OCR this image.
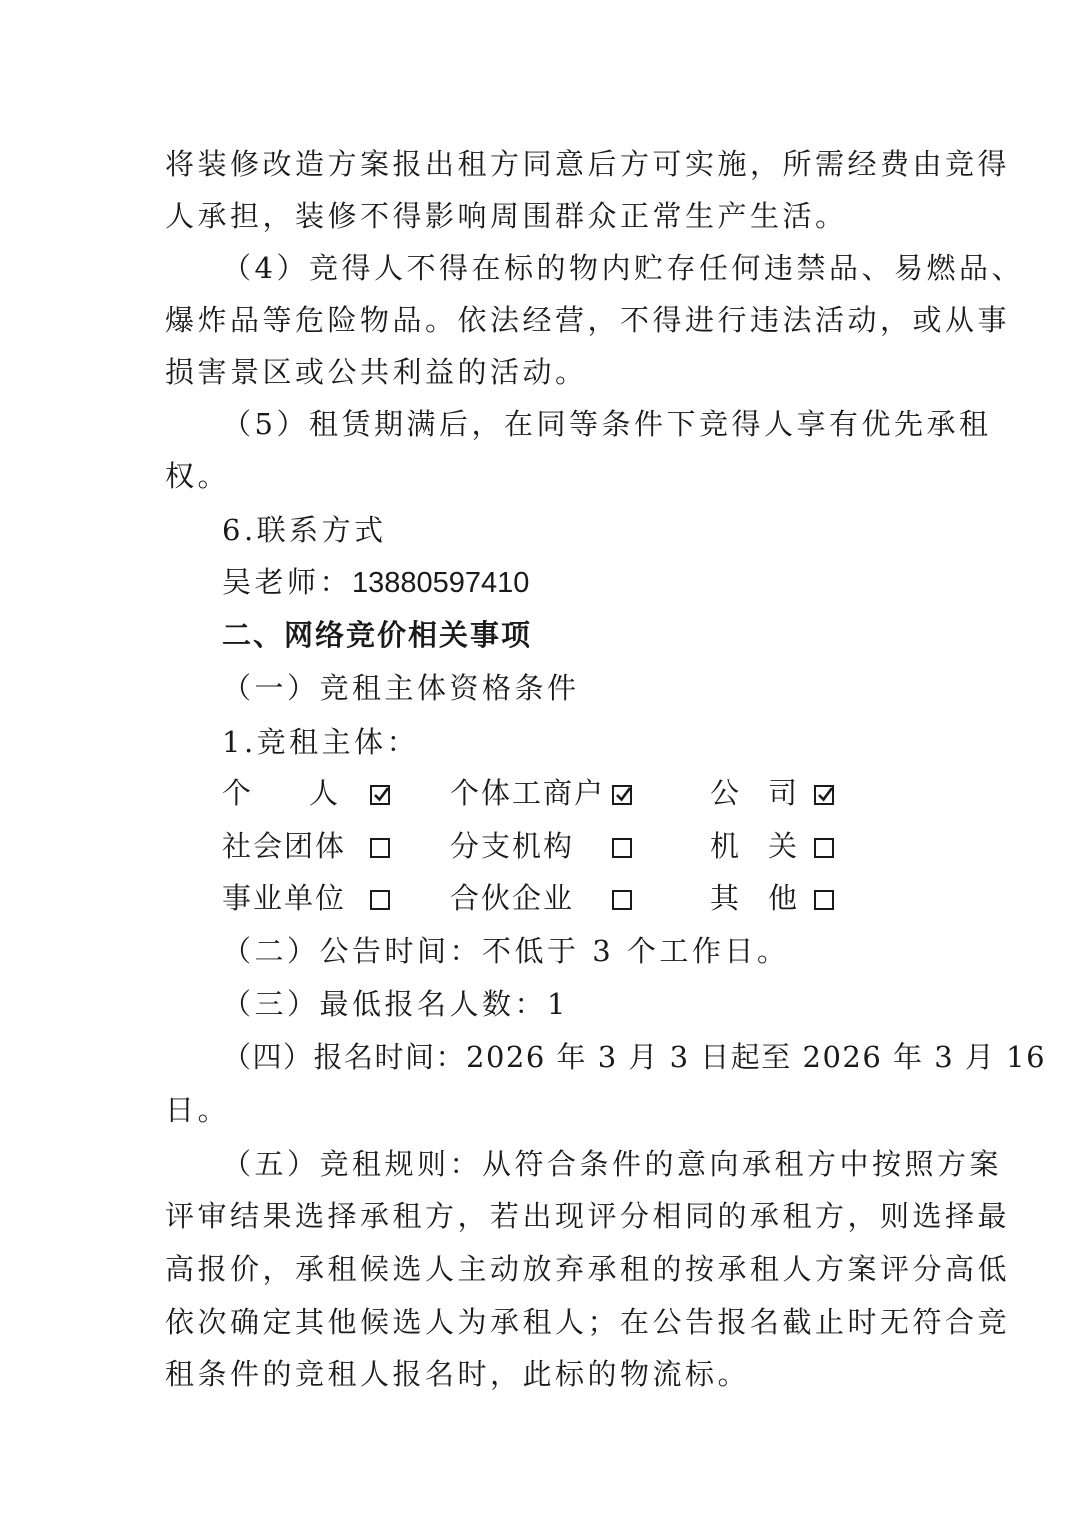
将装修改造方案报出租方同意后方可实施，所需经费由竞得
人承担，装修不得影响周围群众正常生产生活。
（4）竞得人不得在标的物内贮存任何违禁品、易燃品、
爆炸品等危险物品。依法经营，不得进行违法活动，或从事
损害景区或公共利益的活动。
（5）租赁期满后，在同等条件下竞得人享有优先承租
权。
6.联系方式
吴老师：13880597410
二、网络竞价相关事项
（一）竞租主体资格条件
1.竞租主体：
个　　人	个体工商户	公　司
社会团体	分支机构	机　关
事业单位	合伙企业	其　他
（二）公告时间：不低于 3 个工作日。
（三）最低报名人数：1
（四）报名时间：2026 年 3 月 3 日起至 2026 年 3 月 16
日。
（五）竞租规则：从符合条件的意向承租方中按照方案
评审结果选择承租方，若出现评分相同的承租方，则选择最
高报价，承租候选人主动放弃承租的按承租人方案评分高低
依次确定其他候选人为承租人；在公告报名截止时无符合竞
租条件的竞租人报名时，此标的物流标。
